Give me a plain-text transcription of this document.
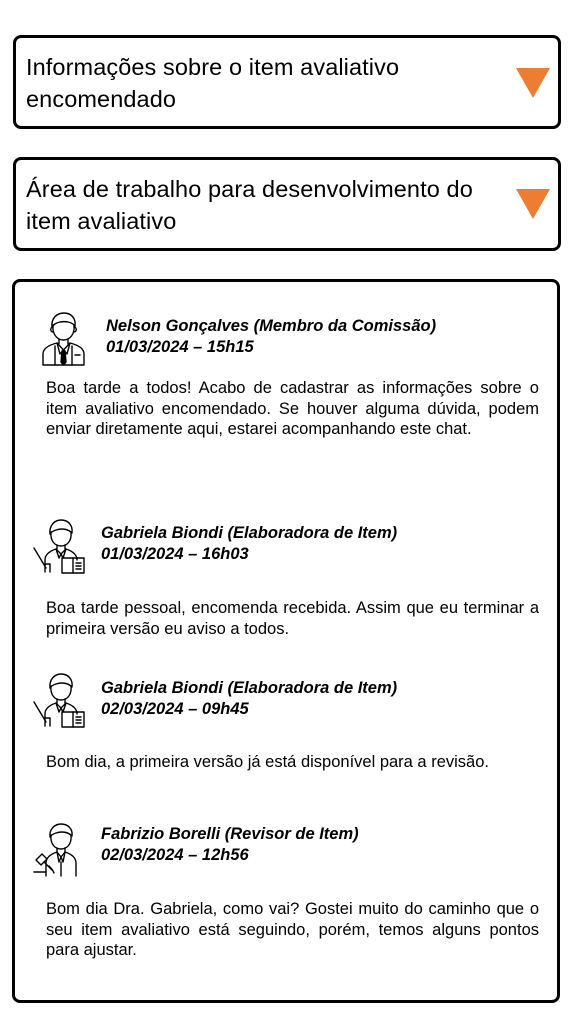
Informações sobre o item avaliativo encomendado
Área de trabalho para desenvolvimento do item avaliativo
Nelson Gonçalves (Membro da Comissão)
01/03/2024 – 15h15
Boa tarde a todos! Acabo de cadastrar as informações sobre o item avaliativo encomendado. Se houver alguma dúvida, podem enviar diretamente aqui, estarei acompanhando este chat.
Gabriela Biondi (Elaboradora de Item)
01/03/2024 – 16h03
Boa tarde pessoal, encomenda recebida. Assim que eu terminar a primeira versão eu aviso a todos.
Gabriela Biondi (Elaboradora de Item)
02/03/2024 – 09h45
Bom dia, a primeira versão já está disponível para a revisão.
Fabrizio Borelli (Revisor de Item)
02/03/2024 – 12h56
Bom dia Dra. Gabriela, como vai? Gostei muito do caminho que o seu item avaliativo está seguindo, porém, temos alguns pontos para ajustar.
